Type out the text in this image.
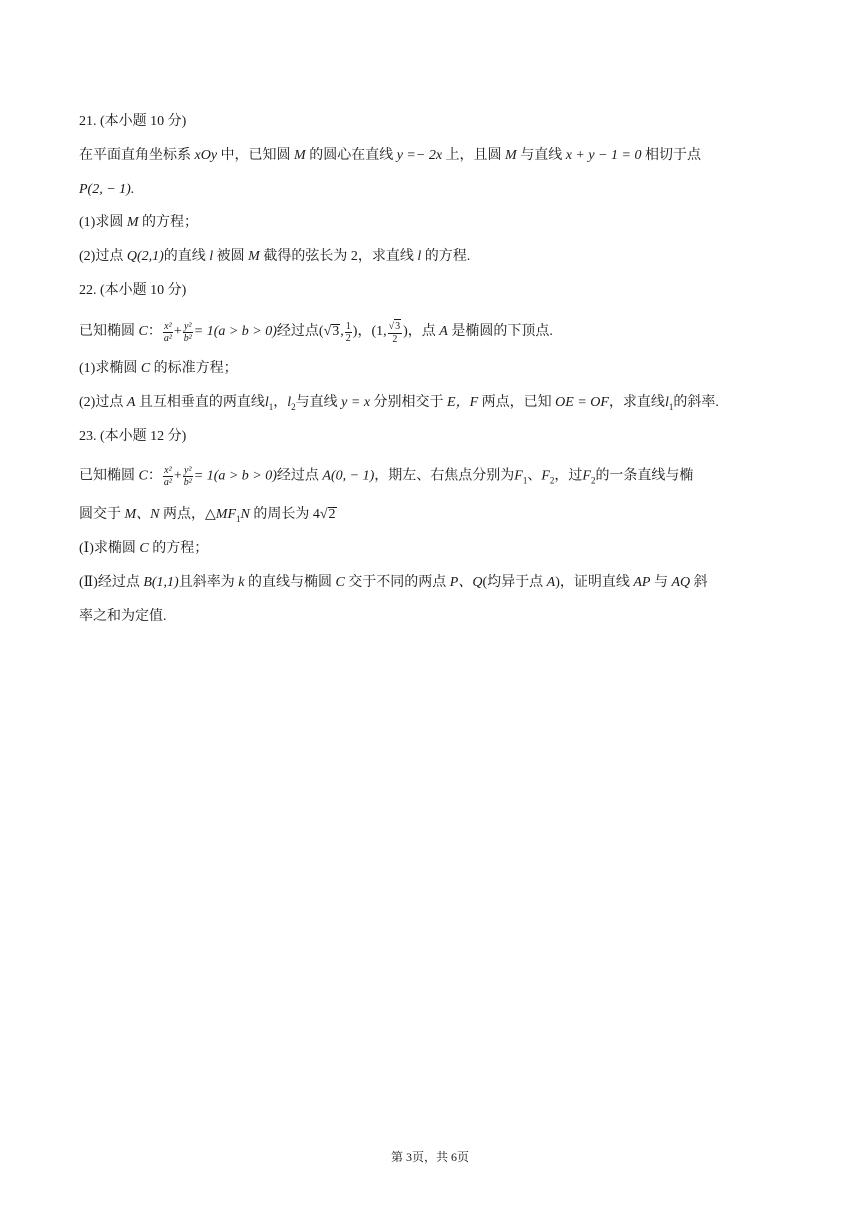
21. (本小题 10 分)
在平面直角坐标系 xOy 中，已知圆 M 的圆心在直线 y =− 2x 上，且圆 M 与直线 x + y − 1 = 0 相切于点
P(2, − 1).
(1)求圆 M 的方程；
(2)过点 Q(2,1)的直线 l 被圆 M 截得的弦长为 2，求直线 l 的方程.
22. (本小题 10 分)
已知椭圆 C： $\frac{\text{x²}}{\text{a²}} + \frac{\text{y²}}{\text{b²}} = 1(a > b > 0)$经过点(√3, $\frac{1}{2}$ )，(1, $\frac{√3}{2}$ )，点 A 是椭圆的下顶点.
(1)求椭圆 C 的标准方程；
(2)过点 A 且互相垂直的两直线$l_1$，$l_2$与直线 y = x 分别相交于 E，F 两点，已知 OE = OF，求直线$l_1$的斜率.
23. (本小题 12 分)
已知椭圆 C： $\frac{\text{x²}}{\text{a²}} + \frac{\text{y²}}{\text{b²}} = 1(a > b > 0)$经过点 A(0, − 1)，期左、右焦点分别为$F_1$、$F_2$，过$F_2$的一条直线与椭
圆交于 M、N 两点，$\triangle MF_1N$ 的周长为 4√2
(Ⅰ)求椭圆 C 的方程；
(Ⅱ)经过点 B(1,1)且斜率为 k 的直线与椭圆 C 交于不同的两点 P、Q(均异于点 A)，证明直线 AP 与 AQ 斜
率之和为定值.
第 3页，共 6页
